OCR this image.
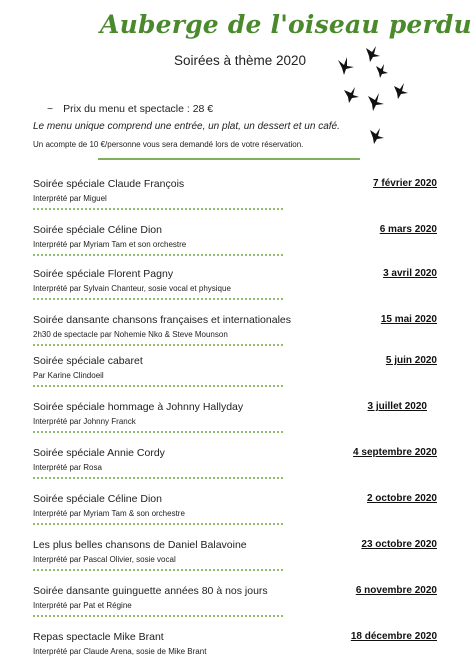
Auberge de l'oiseau perdu
Soirées à thème 2020
~ Prix du menu et spectacle : 28 €
Le menu unique comprend une entrée, un plat, un dessert et un café.
Un acompte de 10 €/personne vous sera demandé lors de votre réservation.
Soirée spéciale Claude François	7 février 2020
Interprété par Miguel
Soirée spéciale Céline Dion	6 mars 2020
Interprété par Myriam Tam et son orchestre
Soirée spéciale Florent Pagny	3 avril 2020
Interprété par Sylvain Chanteur, sosie vocal et physique
Soirée dansante chansons françaises et internationales	15 mai 2020
2h30 de spectacle par Nohemie Nko & Steve Mounson
Soirée spéciale cabaret	5 juin 2020
Par Karine Clindoeil
Soirée spéciale hommage à Johnny Hallyday	3 juillet 2020
Interprété par Johnny Franck
Soirée spéciale Annie Cordy	4 septembre 2020
Interprété par Rosa
Soirée spéciale Céline Dion	2 octobre 2020
Interprété par Myriam Tam & son orchestre
Les plus belles chansons de Daniel Balavoine	23 octobre 2020
Interprété par Pascal Olivier, sosie vocal
Soirée dansante guinguette années 80 à nos jours	6 novembre 2020
Interprété par Pat et Régine
Repas spectacle Mike Brant	18 décembre 2020
Interprété par Claude Arena, sosie de Mike Brant
